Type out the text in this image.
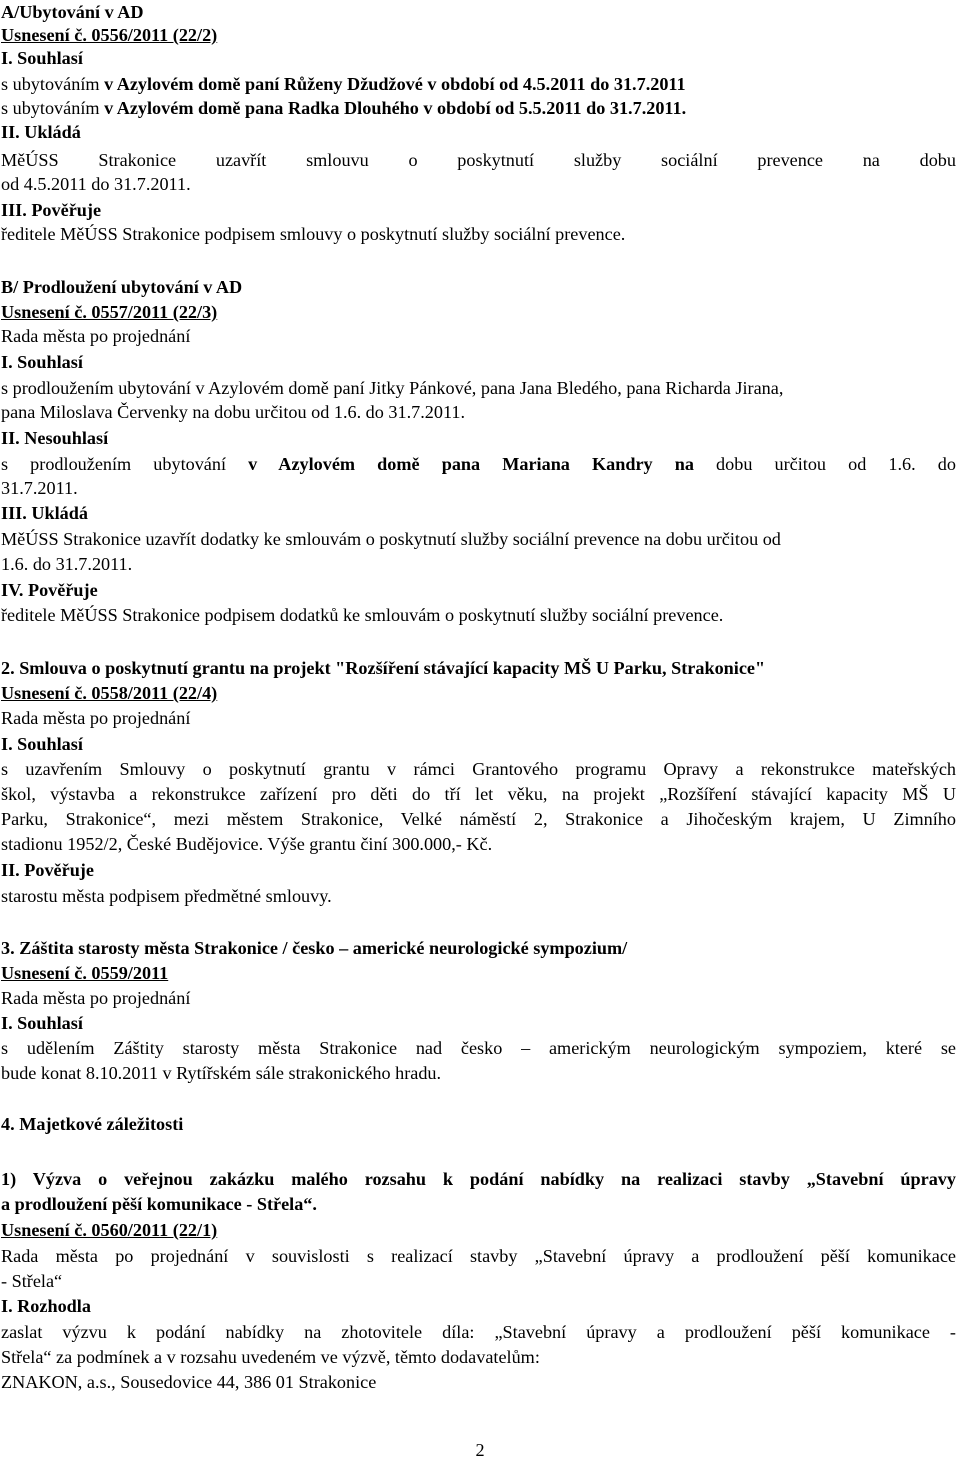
A/Ubytování v AD
Usnesení č. 0556/2011 (22/2)
I. Souhlasí
s ubytováním v Azylovém domě paní Růženy Džudžové v období od 4.5.2011 do 31.7.2011
s ubytováním v Azylovém domě pana Radka Dlouhého v období od 5.5.2011 do 31.7.2011.
II. Ukládá
MěÚSS Strakonice uzavřít smlouvu o poskytnutí služby sociální prevence na dobu
od 4.5.2011 do 31.7.2011.
III. Pověřuje
ředitele MěÚSS Strakonice podpisem smlouvy o poskytnutí služby sociální prevence.
B/ Prodloužení ubytování v AD
Usnesení č. 0557/2011 (22/3)
Rada města po projednání
I. Souhlasí
s prodloužením ubytování v Azylovém domě paní Jitky Pánkové, pana Jana Bledého, pana Richarda Jirana,
pana Miloslava Červenky na dobu určitou od 1.6. do 31.7.2011.
II. Nesouhlasí
s prodloužením ubytování v Azylovém domě pana Mariana Kandry na dobu určitou od 1.6. do
31.7.2011.
III. Ukládá
MěÚSS Strakonice uzavřít dodatky ke smlouvám o poskytnutí služby sociální prevence na dobu určitou od
1.6. do 31.7.2011.
IV. Pověřuje
ředitele MěÚSS Strakonice podpisem dodatků ke smlouvám o poskytnutí služby sociální prevence.
2. Smlouva o poskytnutí grantu na projekt "Rozšíření stávající kapacity MŠ U Parku, Strakonice"
Usnesení č. 0558/2011 (22/4)
Rada města po projednání
I. Souhlasí
s uzavřením Smlouvy o poskytnutí grantu v rámci Grantového programu Opravy a rekonstrukce mateřských
škol, výstavba a rekonstrukce zařízení pro děti do tří let věku, na projekt „Rozšíření stávající kapacity MŠ U
Parku, Strakonice“, mezi městem Strakonice, Velké náměstí 2, Strakonice a Jihočeským krajem, U Zimního
stadionu 1952/2, České Budějovice. Výše grantu činí 300.000,- Kč.
II. Pověřuje
starostu města podpisem předmětné smlouvy.
3. Záštita starosty města Strakonice / česko – americké neurologické sympozium/
Usnesení č. 0559/2011
Rada města po projednání
I. Souhlasí
s udělením Záštity starosty města Strakonice nad česko – americkým neurologickým sympoziem, které se
bude konat 8.10.2011 v Rytířském sále strakonického hradu.
4. Majetkové záležitosti
1) Výzva o veřejnou zakázku malého rozsahu k podání nabídky na realizaci stavby „Stavební úpravy
a prodloužení pěší komunikace - Střela“.
Usnesení č. 0560/2011 (22/1)
Rada města po projednání v souvislosti s realizací stavby „Stavební úpravy a prodloužení pěší komunikace
- Střela“
I. Rozhodla
zaslat výzvu k podání nabídky na zhotovitele díla: „Stavební úpravy a prodloužení pěší komunikace -
Střela“ za podmínek a v rozsahu uvedeném ve výzvě, těmto dodavatelům:
ZNAKON, a.s., Sousedovice 44, 386 01 Strakonice
2
